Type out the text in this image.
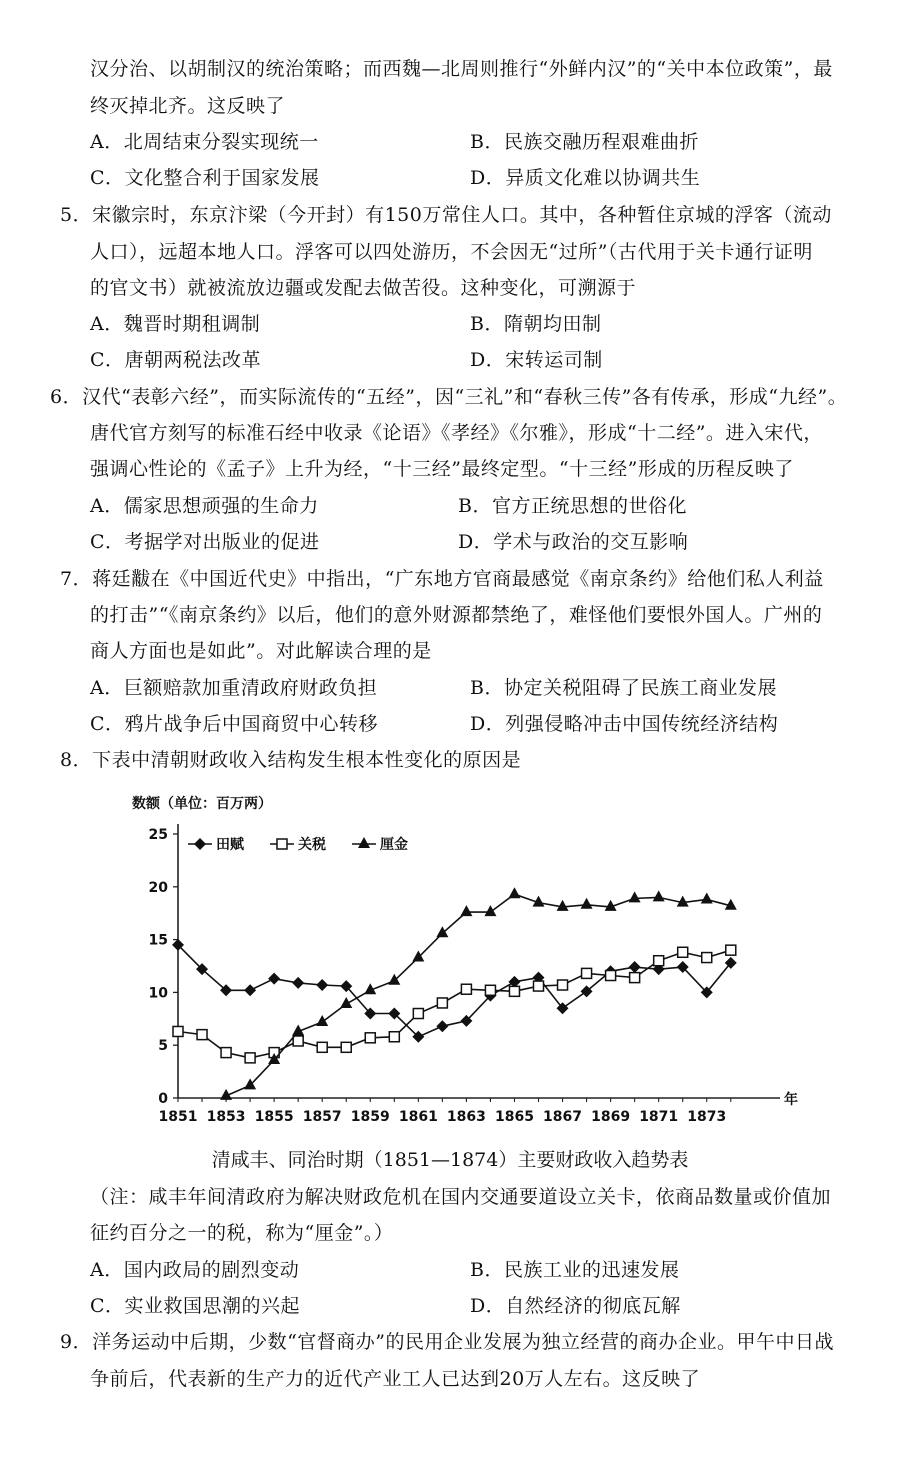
汉分治、以胡制汉的统治策略；而西魏—北周则推行“外鲜内汉”的“关中本位政策”，最
终灭掉北齐。这反映了
A．北周结束分裂实现统一	B．民族交融历程艰难曲折
C．文化整合利于国家发展	D．异质文化难以协调共生
5．宋徽宗时，东京汴梁（今开封）有150万常住人口。其中，各种暂住京城的浮客（流动
人口），远超本地人口。浮客可以四处游历，不会因无“过所”（古代用于关卡通行证明
的官文书）就被流放边疆或发配去做苦役。这种变化，可溯源于
A．魏晋时期租调制	B．隋朝均田制
C．唐朝两税法改革	D．宋转运司制
6．汉代“表彰六经”，而实际流传的“五经”，因“三礼”和“春秋三传”各有传承，形成“九经”。
唐代官方刻写的标准石经中收录《论语》《孝经》《尔雅》，形成“十二经”。进入宋代，
强调心性论的《孟子》上升为经，“十三经”最终定型。“十三经”形成的历程反映了
A．儒家思想顽强的生命力	B．官方正统思想的世俗化
C．考据学对出版业的促进	D．学术与政治的交互影响
7．蒋廷黻在《中国近代史》中指出，“广东地方官商最感觉《南京条约》给他们私人利益
的打击”“《南京条约》以后，他们的意外财源都禁绝了，难怪他们要恨外国人。广州的
商人方面也是如此”。对此解读合理的是
A．巨额赔款加重清政府财政负担	B．协定关税阻碍了民族工商业发展
C．鸦片战争后中国商贸中心转移	D．列强侵略冲击中国传统经济结构
8．下表中清朝财政收入结构发生根本性变化的原因是
数额（单位：百万两）
年
0
5
10
15
20
25
1851 1853 1855 1857 1859 1861 1863 1865 1867 1869 1871 1873
田赋	关税	厘金
清咸丰、同治时期（1851—1874）主要财政收入趋势表
（注：咸丰年间清政府为解决财政危机在国内交通要道设立关卡，依商品数量或价值加
征约百分之一的税，称为“厘金”。）
A．国内政局的剧烈变动	B．民族工业的迅速发展
C．实业救国思潮的兴起	D．自然经济的彻底瓦解
9．洋务运动中后期，少数“官督商办”的民用企业发展为独立经营的商办企业。甲午中日战
争前后，代表新的生产力的近代产业工人已达到20万人左右。这反映了
